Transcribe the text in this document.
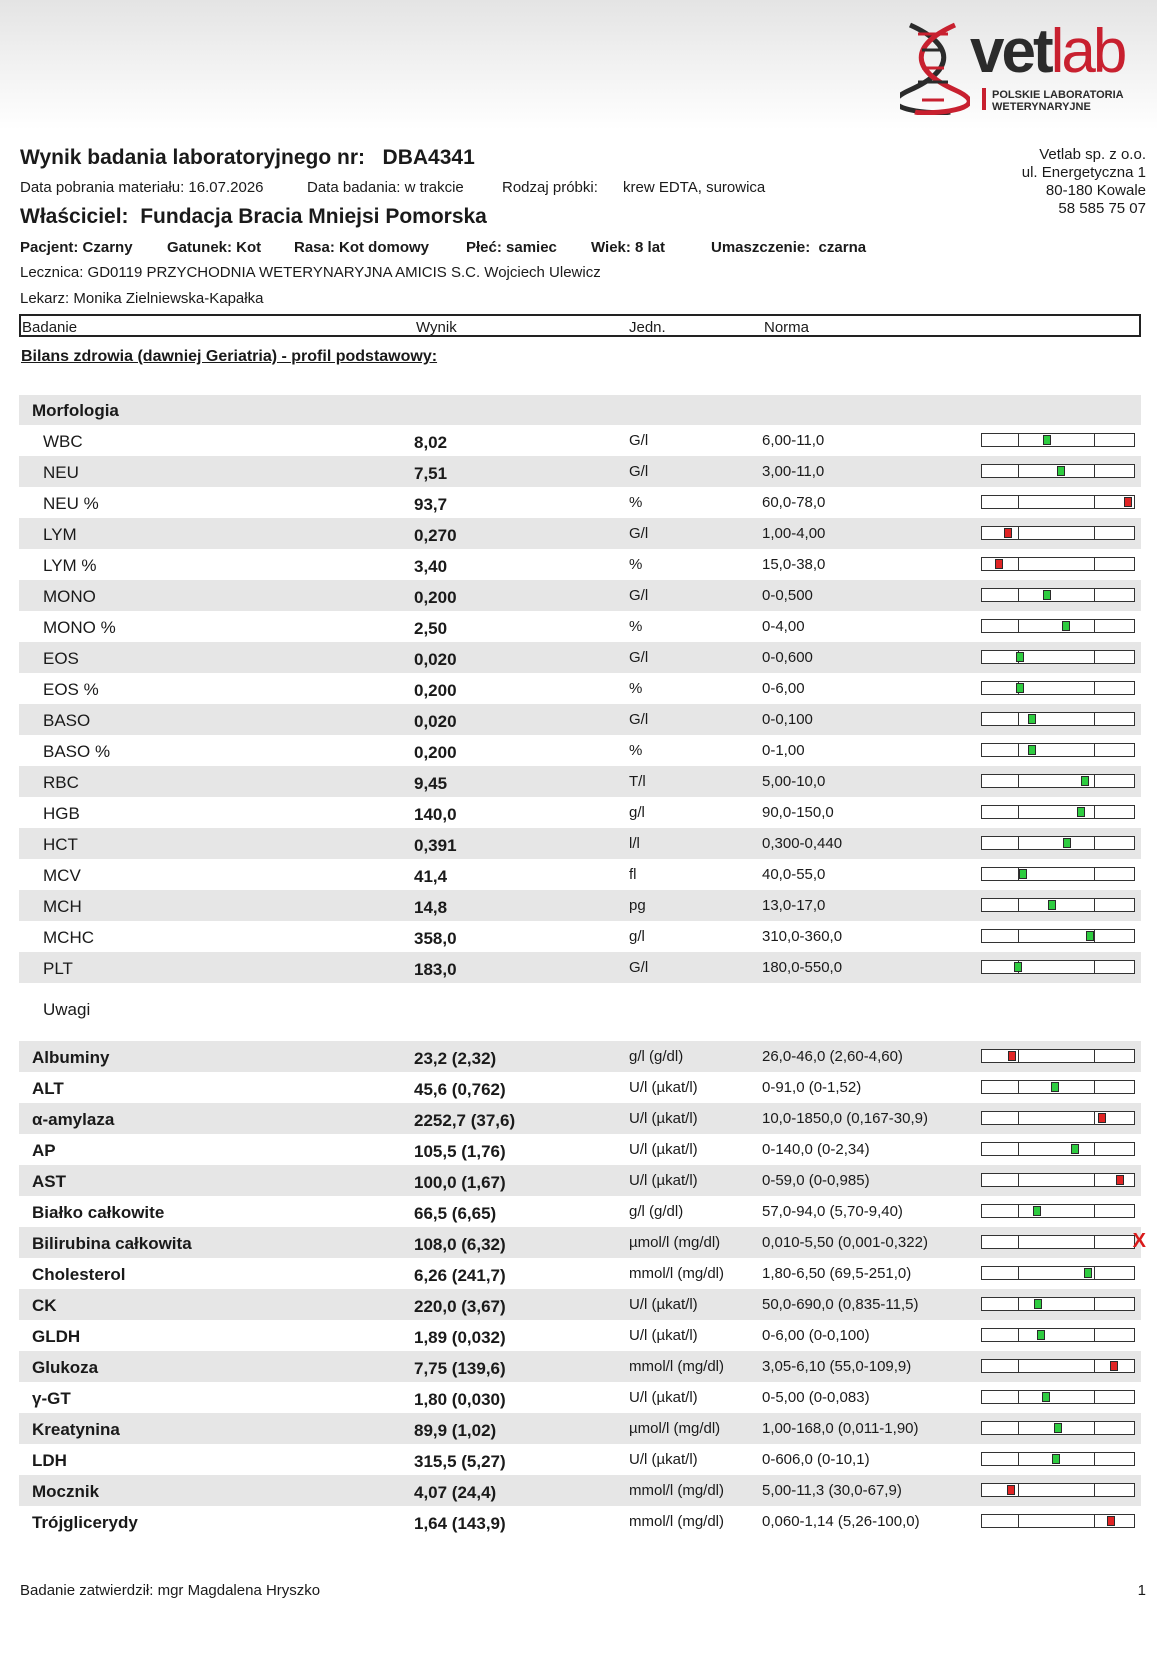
vetlab
POLSKIE LABORATORIA
WETERYNARYJNE
Wynik badania laboratoryjnego nr: DBA4341
Data pobrania materiału: 16.07.2026	Data badania: w trakcie	Rodzaj próbki: krew EDTA, surowica
Właściciel: Fundacja Bracia Mniejsi Pomorska
Pacjent: Czarny Gatunek: Kot Rasa: Kot domowy Płeć: samiec Wiek: 8 lat	Umaszczenie:  czarna
Lecznica: GD0119 PRZYCHODNIA WETERYNARYJNA AMICIS S.C. Wojciech Ulewicz
Lekarz: Monika Zielniewska-Kapałka
Vetlab sp. z o.o.
ul. Energetyczna 1
80-180 Kowale
58 585 75 07
Badanie	Wynik	Jedn.	Norma
Bilans zdrowia (dawniej Geriatria) - profil podstawowy:
Morfologia
WBC	8,02	G/l	6,00-11,0
NEU	7,51	G/l	3,00-11,0
NEU %	93,7	%	60,0-78,0
LYM	0,270	G/l	1,00-4,00
LYM %	3,40	%	15,0-38,0
MONO	0,200	G/l	0-0,500
MONO %	2,50	%	0-4,00
EOS	0,020	G/l	0-0,600
EOS %	0,200	%	0-6,00
BASO	0,020	G/l	0-0,100
BASO %	0,200	%	0-1,00
RBC	9,45	T/l	5,00-10,0
HGB	140,0	g/l	90,0-150,0
HCT	0,391	l/l	0,300-0,440
MCV	41,4	fl	40,0-55,0
MCH	14,8	pg	13,0-17,0
MCHC	358,0	g/l	310,0-360,0
PLT	183,0	G/l	180,0-550,0
Uwagi
Albuminy	23,2 (2,32)	g/l (g/dl)	26,0-46,0 (2,60-4,60)
ALT	45,6 (0,762)	U/l (µkat/l)	0-91,0 (0-1,52)
α-amylaza	2252,7 (37,6)	U/l (µkat/l)	10,0-1850,0 (0,167-30,9)
AP	105,5 (1,76)	U/l (µkat/l)	0-140,0 (0-2,34)
AST	100,0 (1,67)	U/l (µkat/l)	0-59,0 (0-0,985)
Białko całkowite	66,5 (6,65)	g/l (g/dl)	57,0-94,0 (5,70-9,40)
Bilirubina całkowita	108,0 (6,32)	µmol/l (mg/dl)	0,010-5,50 (0,001-0,322)	X
Cholesterol	6,26 (241,7)	mmol/l (mg/dl)	1,80-6,50 (69,5-251,0)
CK	220,0 (3,67)	U/l (µkat/l)	50,0-690,0 (0,835-11,5)
GLDH	1,89 (0,032)	U/l (µkat/l)	0-6,00 (0-0,100)
Glukoza	7,75 (139,6)	mmol/l (mg/dl)	3,05-6,10 (55,0-109,9)
γ-GT	1,80 (0,030)	U/l (µkat/l)	0-5,00 (0-0,083)
Kreatynina	89,9 (1,02)	µmol/l (mg/dl)	1,00-168,0 (0,011-1,90)
LDH	315,5 (5,27)	U/l (µkat/l)	0-606,0 (0-10,1)
Mocznik	4,07 (24,4)	mmol/l (mg/dl)	5,00-11,3 (30,0-67,9)
Trójglicerydy	1,64 (143,9)	mmol/l (mg/dl)	0,060-1,14 (5,26-100,0)
Badanie zatwierdził: mgr Magdalena Hryszko	1
